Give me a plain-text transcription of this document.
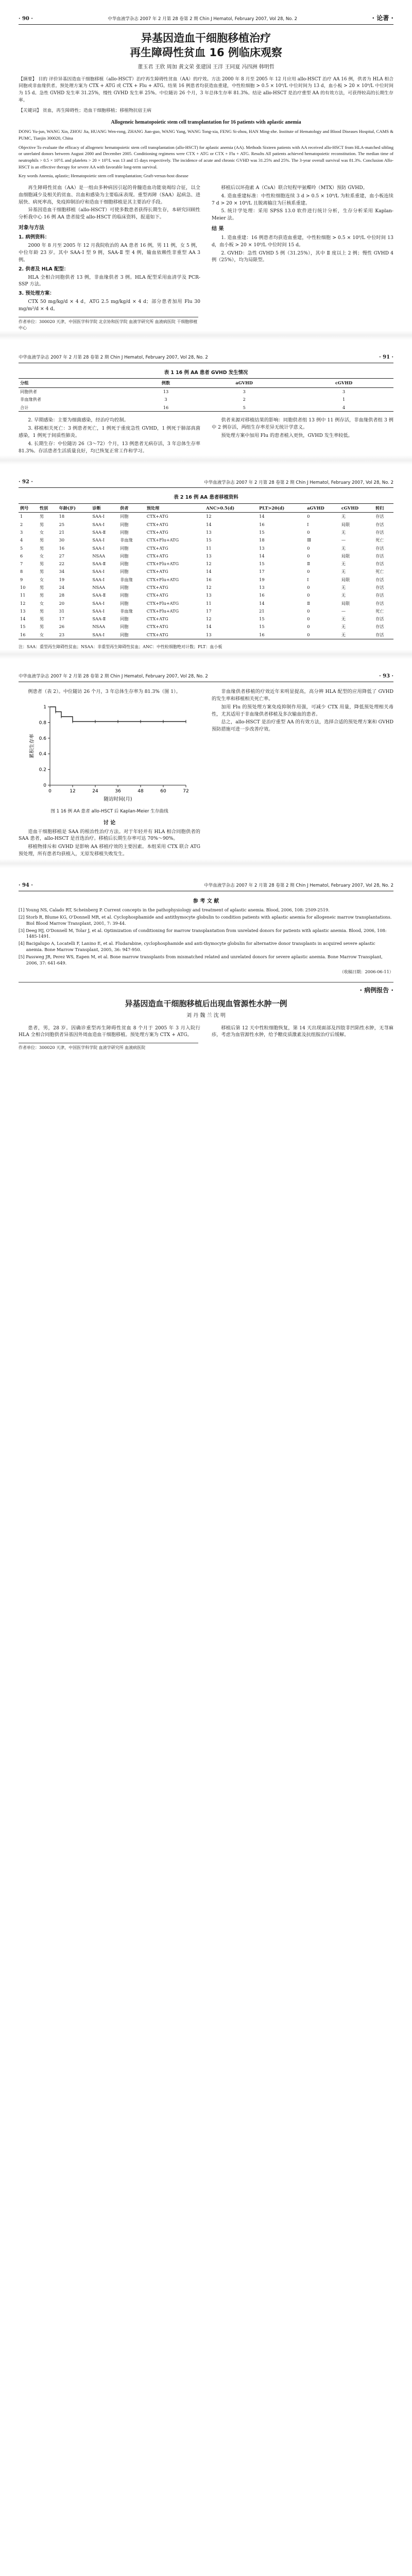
· 90 ·	中华血液学杂志 2007 年 2 月第 28 卷第 2 期 Chin J Hematol, February 2007, Vol 28, No. 2	· 论著 ·
异基因造血干细胞移植治疗
再生障碍性贫血 16 例临床观察
董玉君 王欣 周加 黄文荣 张建国 王洋 王同夏 冯四洲 韩明哲
【摘要】 目的 评价异基因造血干细胞移植（allo-HSCT）治疗再生障碍性贫血（AA）的疗效。方法 2000 年 8 月至 2005 年 12 月应用 allo-HSCT 治疗 AA 16 例，供者为 HLA 相合同胞或非血缘供者。预处理方案为 CTX + ATG 或 CTX + Flu + ATG。结果 16 例患者均获造血重建，中性粒细胞 > 0.5 × 10⁹/L 中位时间为 13 d，血小板 > 20 × 10⁹/L 中位时间为 15 d。急性 GVHD 发生率 31.25%，慢性 GVHD 发生率 25%。中位随访 26 个月，3 年总体生存率 81.3%。结论 allo-HSCT 是治疗重型 AA 的有效方法，可获得较高的长期生存率。
【关键词】 贫血，再生障碍性；造血干细胞移植；移植物抗宿主病
Allogeneic hematopoietic stem cell transplantation for 16 patients with aplastic anemia
DONG Yu-jun, WANG Xin, ZHOU Jia, HUANG Wen-rong, ZHANG Jian-guo, WANG Yang, WANG Tong-xia, FENG Si-zhou, HAN Ming-zhe. Institute of Hematology and Blood Diseases Hospital, CAMS & PUMC, Tianjin 300020, China
Objective To evaluate the efficacy of allogeneic hematopoietic stem cell transplantation (allo-HSCT) for aplastic anemia (AA). Methods Sixteen patients with AA received allo-HSCT from HLA-matched sibling or unrelated donors between August 2000 and December 2005. Conditioning regimens were CTX + ATG or CTX + Flu + ATG. Results All patients achieved hematopoietic reconstitution. The median time of neutrophils > 0.5 × 10⁹/L and platelets > 20 × 10⁹/L was 13 and 15 days respectively. The incidence of acute and chronic GVHD was 31.25% and 25%. The 3-year overall survival was 81.3%. Conclusion Allo-HSCT is an effective therapy for severe AA with favorable long-term survival.
Key words Anemia, aplastic; Hematopoietic stem cell transplantation; Graft-versus-host disease

再生障碍性贫血（AA）是一组由多种病因引起的骨髓造血功能衰竭综合征，以全血细胞减少及相关的贫血、出血和感染为主要临床表现。重型再障（SAA）起病急、进展快、病死率高，免疫抑制治疗和造血干细胞移植是其主要治疗手段。

异基因造血干细胞移植（allo-HSCT）可使多数患者获得长期生存，本研究回顾性分析我中心 16 例 AA 患者接受 allo-HSCT 的临床资料，报道如下。

对象与方法
1. 病例资料：

2000 年 8 月至 2005 年 12 月我院收治的 AA 患者 16 例，男 11 例，女 5 例，中位年龄 23 岁。其中 SAA-Ⅰ 型 9 例，SAA-Ⅱ 型 4 例，输血依赖性非重型 AA 3 例。

2. 供者及 HLA 配型：

HLA 全相合同胞供者 13 例，非血缘供者 3 例。HLA 配型采用血清学及 PCR-SSP 方法。

3. 预处理方案：

CTX 50 mg/kg/d × 4 d，ATG 2.5 mg/kg/d × 4 d；部分患者加用 Flu 30 mg/m²/d × 4 d。

移植后以环孢素 A（CsA）联合短程甲氨蝶呤（MTX）预防 GVHD。

4. 造血重建标准：中性粒细胞连续 3 d > 0.5 × 10⁹/L 为粒系重建，血小板连续 7 d > 20 × 10⁹/L 且脱离输注为巨核系重建。

5. 统计学处理：采用 SPSS 13.0 软件进行统计分析，生存分析采用 Kaplan-Meier 法。

结 果

1. 造血重建：16 例患者均获造血重建，中性粒细胞 > 0.5 × 10⁹/L 中位时间 13 d，血小板 > 20 × 10⁹/L 中位时间 15 d。

2. GVHD：急性 GVHD 5 例（31.25%），其中 Ⅱ 度以上 2 例；慢性 GVHD 4 例（25%），均为局限型。

作者单位：300020 天津，中国医学科学院 北京协和医学院 血液学研究所 血液病医院 干细胞移植中心
中华血液学杂志 2007 年 2 月第 28 卷第 2 期 Chin J Hematol, February 2007, Vol 28, No. 2	· 91 ·
表 1 16 例 AA 患者 GVHD 发生情况
分组	例数	aGVHD	cGVHD
同胞供者	13	3	3
非血缘供者	3	2	1
合计	16	5	4

2. 早期感染：主要为细菌感染，经治疗均控制。

3. 移植相关死亡：3 例患者死亡，1 例死于重度急性 GVHD，1 例死于肺部真菌感染，1 例死于间质性肺炎。

4. 长期生存：中位随访 26（3～72）个月，13 例患者无病存活，3 年总体生存率 81.3%。存活患者生活质量良好，均已恢复正常工作和学习。

供者来源对移植结果的影响：同胞供者组 13 例中 11 例存活，非血缘供者组 3 例中 2 例存活，两组生存率差异无统计学意义。

预处理方案中加用 Flu 的患者植入更快，GVHD 发生率较低。

· 92 ·	中华血液学杂志 2007 年 2 月第 28 卷第 2 期 Chin J Hematol, February 2007, Vol 28, No. 2
表 2 16 例 AA 患者移植资料
例号	性别	年龄(岁)	诊断	供者	预处理	ANC>0.5(d)	PLT>20(d)	aGVHD	cGVHD	转归
1	男	18	SAA-Ⅰ	同胞	CTX+ATG	12	14	0	无	存活
2	男	25	SAA-Ⅰ	同胞	CTX+ATG	14	16	Ⅰ	局限	存活
3	女	21	SAA-Ⅱ	同胞	CTX+ATG	13	15	0	无	存活
4	男	30	SAA-Ⅰ	非血缘	CTX+Flu+ATG	15	18	Ⅲ	—	死亡
5	男	16	SAA-Ⅰ	同胞	CTX+ATG	11	13	0	无	存活
6	女	27	NSAA	同胞	CTX+ATG	13	14	0	局限	存活
7	男	22	SAA-Ⅱ	同胞	CTX+Flu+ATG	12	15	Ⅱ	无	存活
8	男	34	SAA-Ⅰ	同胞	CTX+ATG	14	17	0	无	死亡
9	女	19	SAA-Ⅰ	非血缘	CTX+Flu+ATG	16	19	Ⅰ	局限	存活
10	男	24	NSAA	同胞	CTX+ATG	12	13	0	无	存活
11	男	28	SAA-Ⅱ	同胞	CTX+ATG	13	16	0	无	存活
12	女	20	SAA-Ⅰ	同胞	CTX+Flu+ATG	11	14	Ⅱ	局限	存活
13	男	31	SAA-Ⅰ	非血缘	CTX+Flu+ATG	17	21	0	—	死亡
14	男	17	SAA-Ⅱ	同胞	CTX+ATG	12	15	0	无	存活
15	男	26	NSAA	同胞	CTX+ATG	14	15	0	无	存活
16	女	23	SAA-Ⅰ	同胞	CTX+ATG	13	16	0	无	存活
注：SAA：重型再生障碍性贫血；NSAA：非重型再生障碍性贫血；ANC：中性粒细胞绝对计数；PLT：血小板
中华血液学杂志 2007 年 2 月第 28 卷第 2 期 Chin J Hematol, February 2007, Vol 28, No. 2	· 93 ·

例患者（表 2）。中位随访 26 个月，3 年总体生存率为 81.3%（图 1）。

0	12	24	36	48	60	72
0
0.2
0.4
0.6
0.8
1
随访时间(月)
累积生存率
图 1 16 例 AA 患者 allo-HSCT 后 Kaplan-Meier 生存曲线
讨 论

造血干细胞移植是 SAA 的根治性治疗方法。对于年轻并有 HLA 相合同胞供者的 SAA 患者，allo-HSCT 是首选治疗。移植后长期生存率可达 70%～90%。

移植物排斥和 GVHD 是影响 AA 移植疗效的主要因素。本组采用 CTX 联合 ATG 预处理，所有患者均获植入，无原发移植失败发生。

非血缘供者移植的疗效近年来明显提高，高分辨 HLA 配型的应用降低了 GVHD 的发生率和移植相关死亡率。

加用 Flu 的预处理方案免疫抑制作用强，可减少 CTX 用量，降低预处理相关毒性，尤其适用于非血缘供者移植及多次输血的患者。

总之，allo-HSCT 是治疗重型 AA 的有效方法，选择合适的预处理方案和 GVHD 预防措施可进一步改善疗效。

· 94 ·	中华血液学杂志 2007 年 2 月第 28 卷第 2 期 Chin J Hematol, February 2007, Vol 28, No. 2
参 考 文 献
[1] Young NS, Calado RT, Scheinberg P. Current concepts in the pathophysiology and treatment of aplastic anemia. Blood, 2006, 108: 2509-2519.
[2] Storb R, Blume KG, O'Donnell MR, et al. Cyclophosphamide and antithymocyte globulin to condition patients with aplastic anemia for allogeneic marrow transplantations. Biol Blood Marrow Transplant, 2001, 7: 39-44.
[3] Deeg HJ, O'Donnell M, Tolar J, et al. Optimization of conditioning for marrow transplantation from unrelated donors for patients with aplastic anemia. Blood, 2006, 108: 1485-1491.
[4] Bacigalupo A, Locatelli F, Lanino E, et al. Fludarabine, cyclophosphamide and anti-thymocyte globulin for alternative donor transplants in acquired severe aplastic anemia. Bone Marrow Transplant, 2005, 36: 947-950.
[5] Passweg JR, Perez WS, Eapen M, et al. Bone marrow transplants from mismatched related and unrelated donors for severe aplastic anemia. Bone Marrow Transplant, 2006, 37: 641-649.
（收稿日期：2006-06-11）
· 病例报告 ·
异基因造血干细胞移植后出现血管源性水肿一例
刘 丹 魏 兰 沈 明

患者，男，28 岁。因确诊重型再生障碍性贫血 8 个月于 2005 年 3 月入院行 HLA 全相合同胞供者异基因外周血造血干细胞移植。预处理方案为 CTX + ATG。

移植后第 12 天中性粒细胞恢复，第 14 天出现面部及四肢非凹陷性水肿，无荨麻疹，考虑为血管源性水肿，给予糖皮质激素及抗组胺治疗后缓解。

作者单位：300020 天津，中国医学科学院 血液学研究所 血液病医院
